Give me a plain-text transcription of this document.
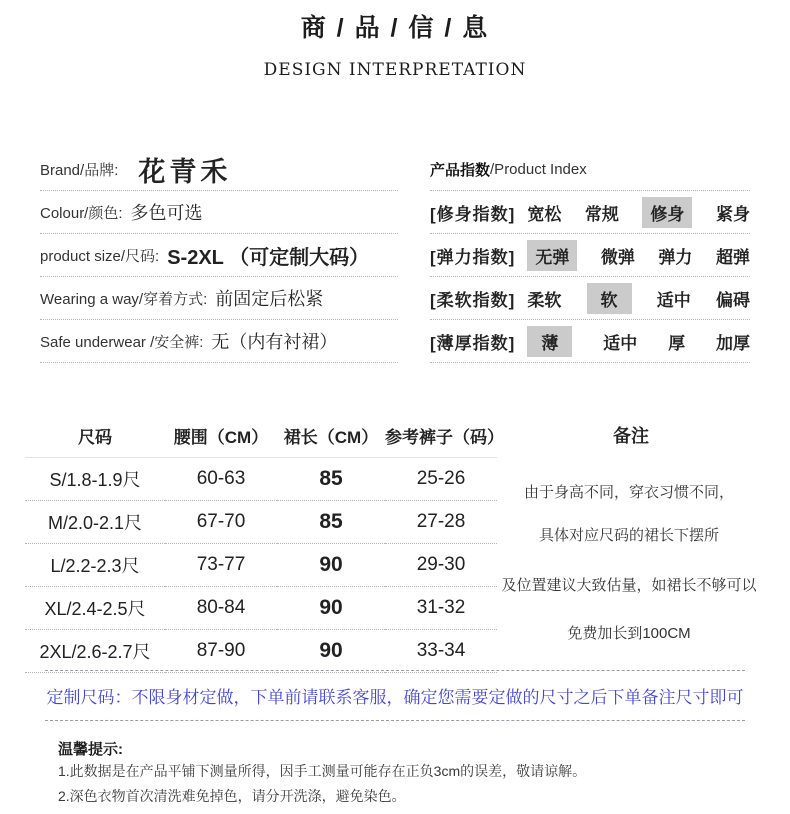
商 / 品 / 信 / 息
DESIGN INTERPRETATION
Brand/品牌: 花青禾
Colour/颜色: 多色可选
product size/尺码: S-2XL （可定制大码）
Wearing a way/穿着方式: 前固定后松紧
Safe underwear /安全裤: 无（内有衬裙）
产品指数 /Product Index
[修身指数] 宽松 常规	修身	紧身
[弹力指数]	无弹	微弹 弹力 超弹
[柔软指数] 柔软	软	适中 偏碍
[薄厚指数]	薄	适中 厚 加厚
尺码	腰围（CM） 裙长（CM） 参考裤子（码）
S/1.8-1.9尺	60-63	85	25-26
M/2.0-2.1尺	67-70	85	27-28
L/2.2-2.3尺	73-77	90	29-30
XL/2.4-2.5尺	80-84	90	31-32
2XL/2.6-2.7尺	87-90	90	33-34
备注
由于身高不同，穿衣习惯不同，
具体对应尺码的裙长下摆所
及位置建议大致估量，如裙长不够可以
免费加长到100CM
定制尺码：不限身材定做，下单前请联系客服，确定您需要定做的尺寸之后下单备注尺寸即可
温馨提示:
1.此数据是在产品平铺下测量所得，因手工测量可能存在正负3cm的误差，敬请谅解。
2.深色衣物首次清洗难免掉色，请分开洗涤，避免染色。
